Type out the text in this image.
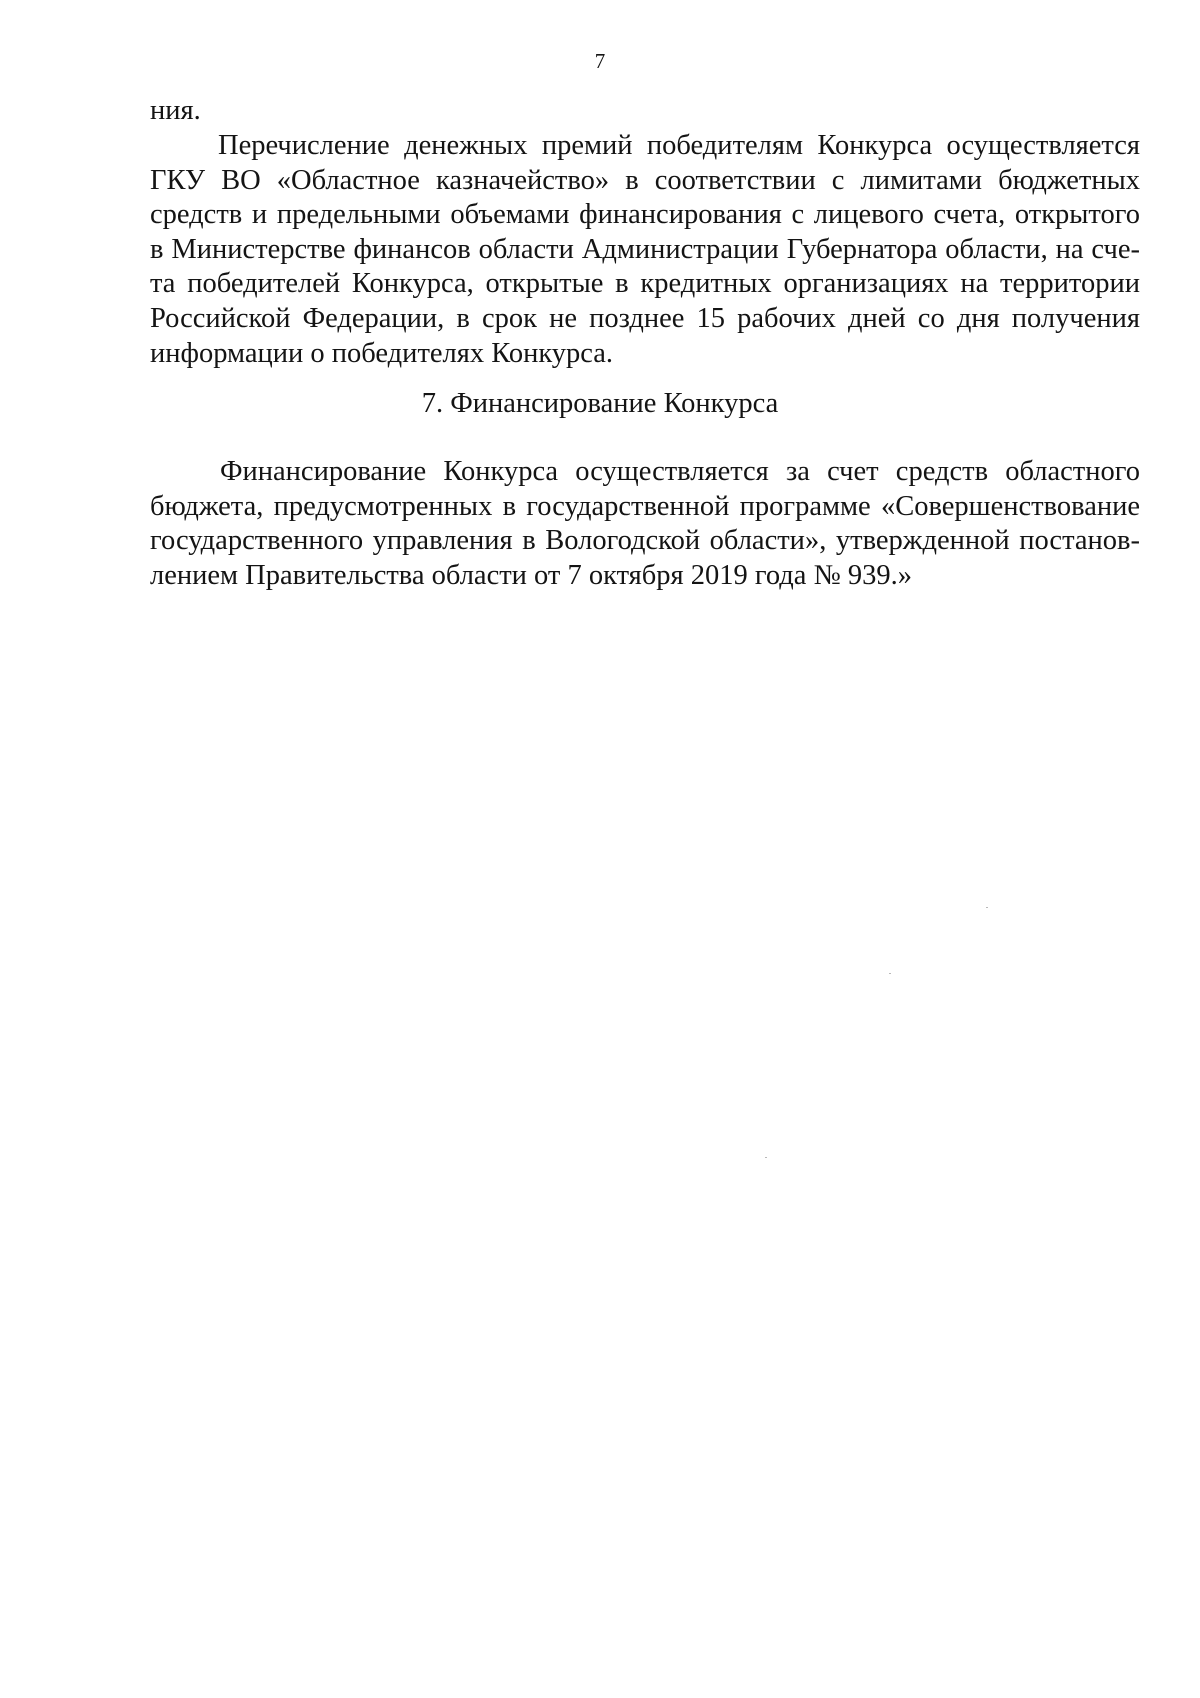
7

ния.

Перечисление денежных премий победителям Конкурса осуществляется ГКУ ВО «Областное казначейство» в соответствии с лимитами бюджетных средств и предельными объемами финансирования с лицевого счета, открытого в Министерстве финансов области Администрации Губернатора области, на счета победителей Конкурса, открытые в кредитных организациях на территории Российской Федерации, в срок не позднее 15 рабочих дней со дня получения информации о победителях Конкурса.

7. Финансирование Конкурса

Финансирование Конкурса осуществляется за счет средств областного бюджета, предусмотренных в государственной программе «Совершенствование государственного управления в Вологодской области», утвержденной постановлением Правительства области от 7 октября 2019 года № 939.»
